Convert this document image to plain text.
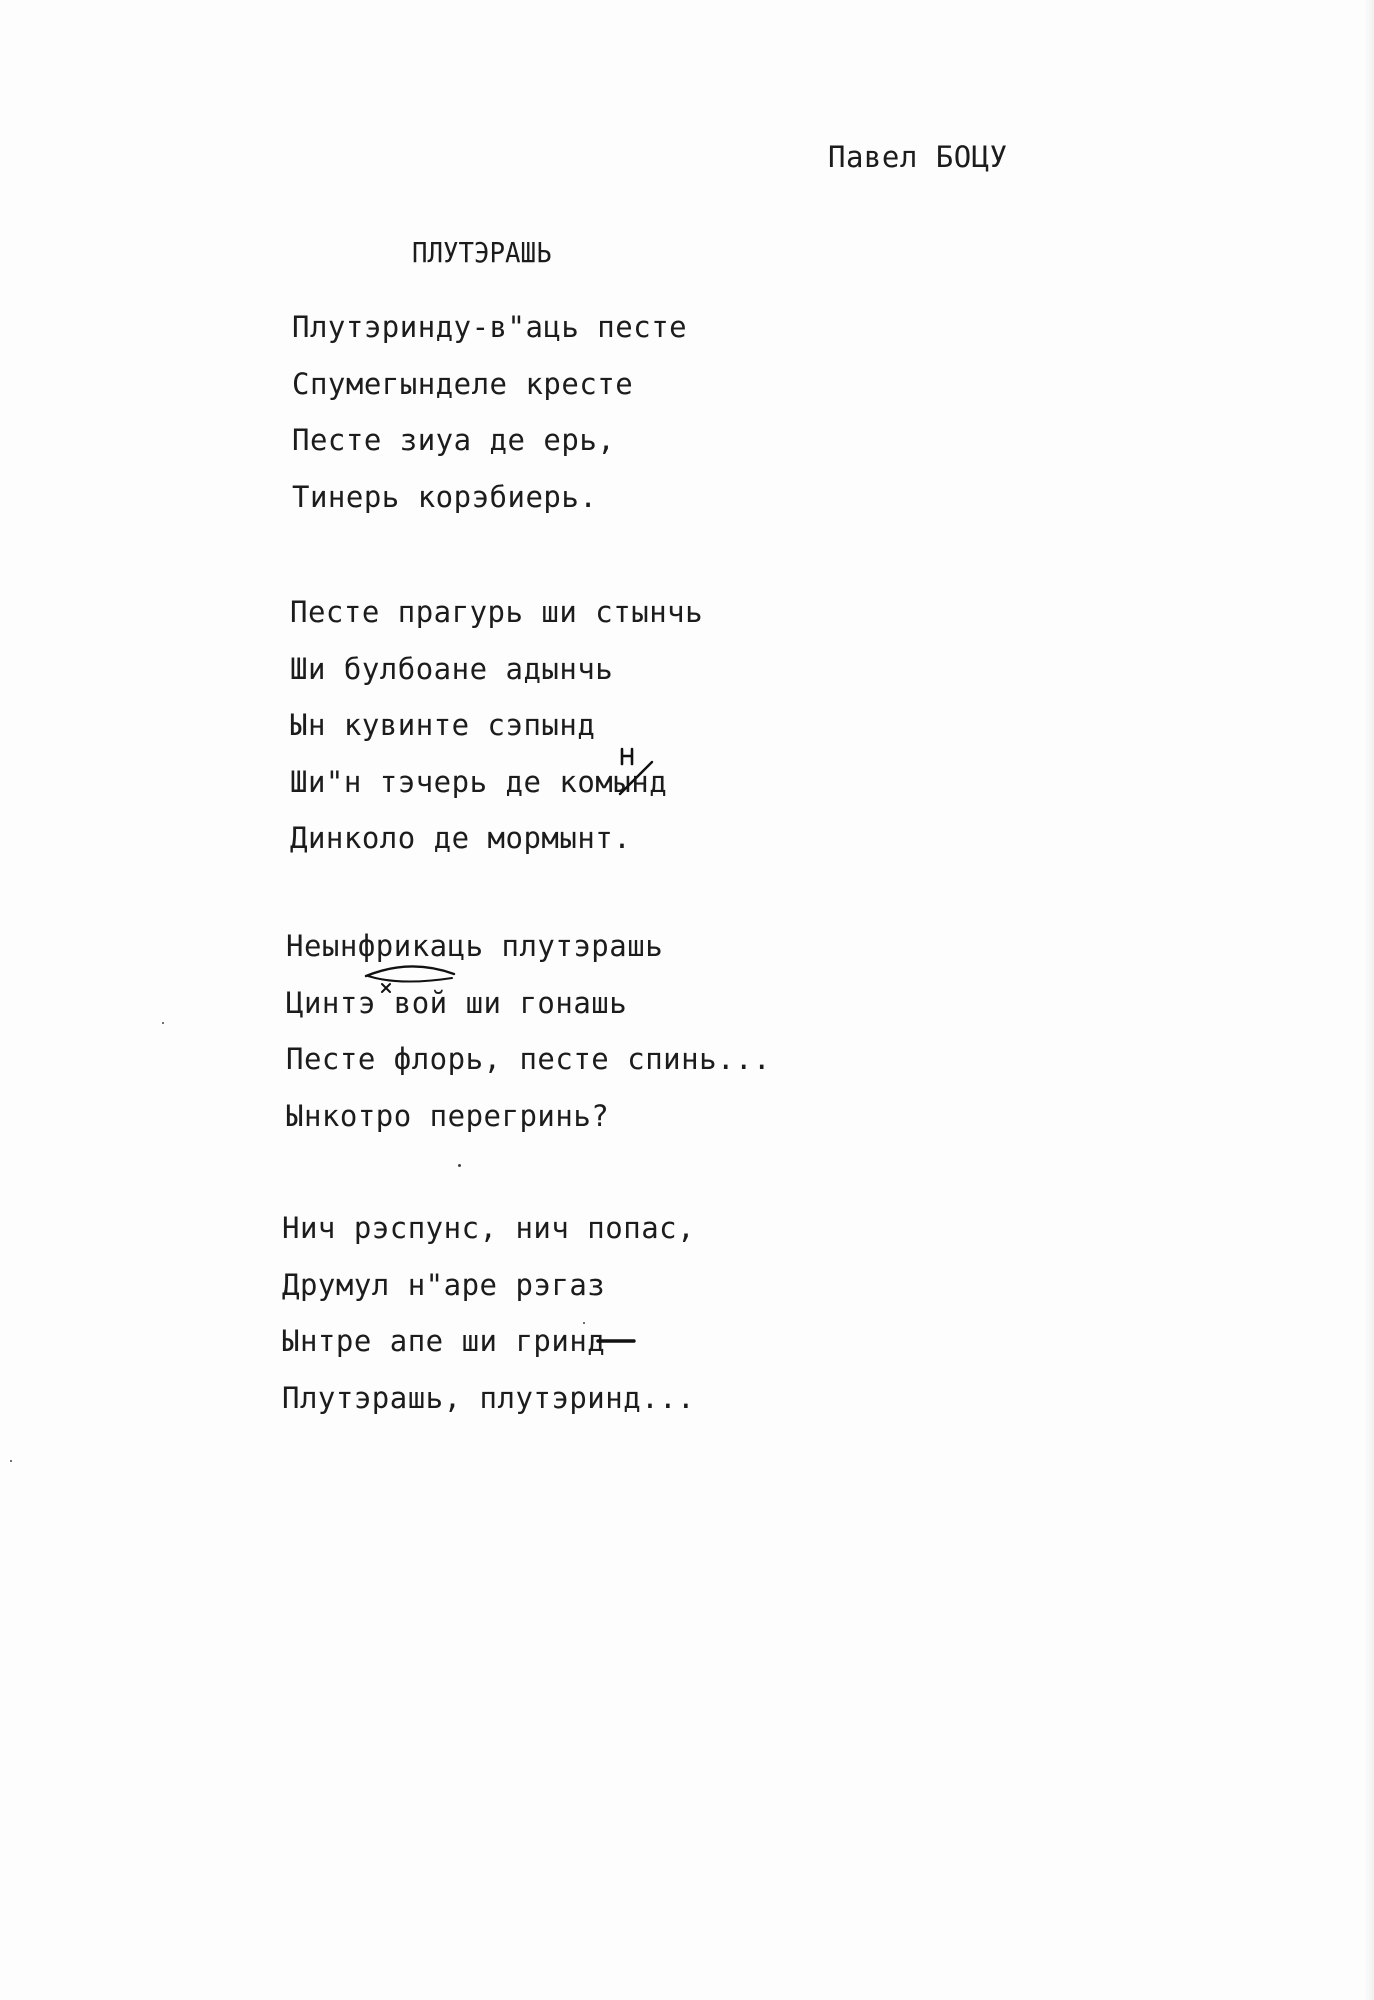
Павел БОЦУ
ПЛУТЭРАШЬ
Плутэринду-в"аць песте
Спумегынделе кресте
Песте зиуа де ерь,
Тинерь корэбиерь.
Песте прагурь ши стынчь
Ши булбоане адынчь
Ын кувинте сэпынд
Ши"н тэчерь де комынд
Динколо де мормынт.
Неынфрикаць плутэрашь
Цинтэ вой ши гонашь
Песте флорь, песте спинь...
Ынкотро перегринь?
Нич рэспунс, нич попас,
Друмул н"аре рэгаз
Ынтре апе ши гринд
Плутэрашь, плутэринд...
